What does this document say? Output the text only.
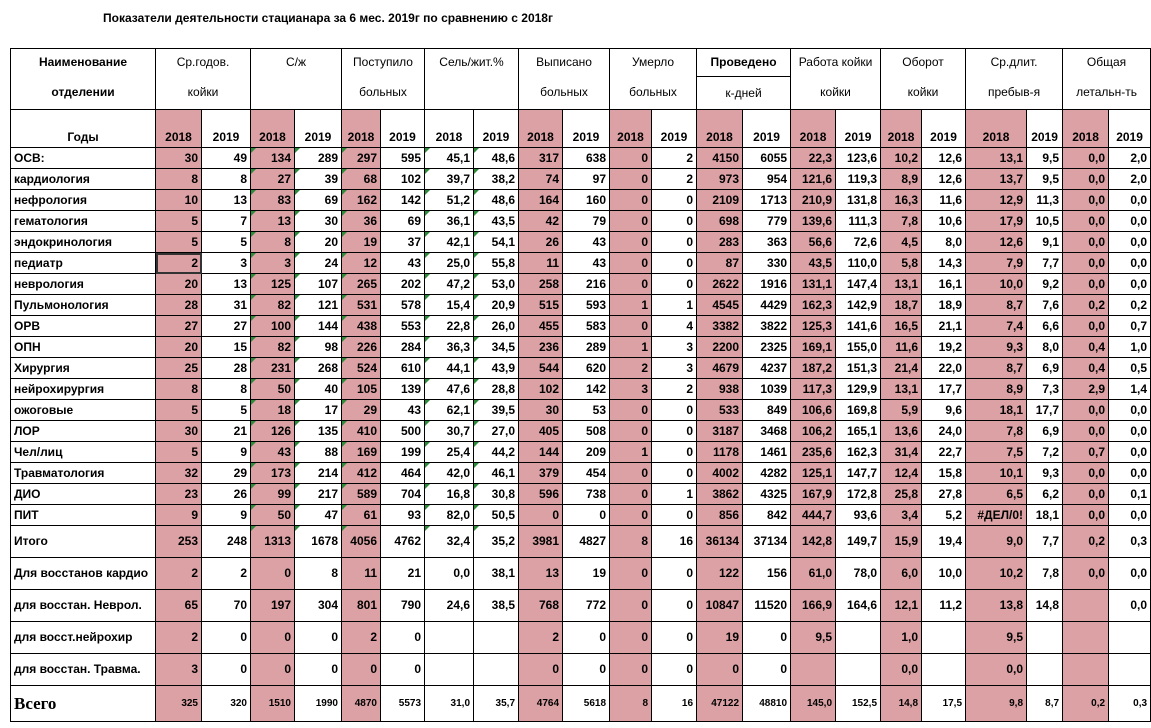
Показатели деятельности стацианара за 6 мес. 2019г по сравнению с 2018г
Наименование	Ср.годов.		С/ж		Поступило		Сель/жит.%		Выписано		Умерло		Проведено		Работа койки		Оборот		Ср.длит.		Общая	
отделении	койки				больных				больных		больных		к-дней		койки		койки		пребыв-я		летальн-ть	
Годы	2018	2019	2018	2019	2018	2019	2018	2019	2018	2019	2018	2019	2018	2019	2018	2019	2018	2019	2018	2019	2018	2019
ОСВ:	30	49	134	289	297	595	45,1	48,6	317	638	0	2	4150	6055	22,3	123,6	10,2	12,6	13,1	9,5	0,0	2,0
кардиология	8	8	27	39	68	102	39,7	38,2	74	97	0	2	973	954	121,6	119,3	8,9	12,6	13,7	9,5	0,0	2,0
нефрология	10	13	83	69	162	142	51,2	48,6	164	160	0	0	2109	1713	210,9	131,8	16,3	11,6	12,9	11,3	0,0	0,0
гематология	5	7	13	30	36	69	36,1	43,5	42	79	0	0	698	779	139,6	111,3	7,8	10,6	17,9	10,5	0,0	0,0
эндокринология	5	5	8	20	19	37	42,1	54,1	26	43	0	0	283	363	56,6	72,6	4,5	8,0	12,6	9,1	0,0	0,0
педиатр	2	3	3	24	12	43	25,0	55,8	11	43	0	0	87	330	43,5	110,0	5,8	14,3	7,9	7,7	0,0	0,0
неврология	20	13	125	107	265	202	47,2	53,0	258	216	0	0	2622	1916	131,1	147,4	13,1	16,1	10,0	9,2	0,0	0,0
Пульмонология	28	31	82	121	531	578	15,4	20,9	515	593	1	1	4545	4429	162,3	142,9	18,7	18,9	8,7	7,6	0,2	0,2
ОРВ	27	27	100	144	438	553	22,8	26,0	455	583	0	4	3382	3822	125,3	141,6	16,5	21,1	7,4	6,6	0,0	0,7
ОПН	20	15	82	98	226	284	36,3	34,5	236	289	1	3	2200	2325	169,1	155,0	11,6	19,2	9,3	8,0	0,4	1,0
Хирургия	25	28	231	268	524	610	44,1	43,9	544	620	2	3	4679	4237	187,2	151,3	21,4	22,0	8,7	6,9	0,4	0,5
нейрохирургия	8	8	50	40	105	139	47,6	28,8	102	142	3	2	938	1039	117,3	129,9	13,1	17,7	8,9	7,3	2,9	1,4
ожоговые	5	5	18	17	29	43	62,1	39,5	30	53	0	0	533	849	106,6	169,8	5,9	9,6	18,1	17,7	0,0	0,0
ЛОР	30	21	126	135	410	500	30,7	27,0	405	508	0	0	3187	3468	106,2	165,1	13,6	24,0	7,8	6,9	0,0	0,0
Чел/лиц	5	9	43	88	169	199	25,4	44,2	144	209	1	0	1178	1461	235,6	162,3	31,4	22,7	7,5	7,2	0,7	0,0
Травматология	32	29	173	214	412	464	42,0	46,1	379	454	0	0	4002	4282	125,1	147,7	12,4	15,8	10,1	9,3	0,0	0,0
ДИО	23	26	99	217	589	704	16,8	30,8	596	738	0	1	3862	4325	167,9	172,8	25,8	27,8	6,5	6,2	0,0	0,1
ПИТ	9	9	50	47	61	93	82,0	50,5	0	0	0	0	856	842	444,7	93,6	3,4	5,2	#ДЕЛ/0!	18,1	0,0	0,0
Итого	253	248	1313	1678	4056	4762	32,4	35,2	3981	4827	8	16	36134	37134	142,8	149,7	15,9	19,4	9,0	7,7	0,2	0,3
Для восстанов кардио	2	2	0	8	11	21	0,0	38,1	13	19	0	0	122	156	61,0	78,0	6,0	10,0	10,2	7,8	0,0	0,0
для восстан. Неврол.	65	70	197	304	801	790	24,6	38,5	768	772	0	0	10847	11520	166,9	164,6	12,1	11,2	13,8	14,8		0,0
для восст.нейрохир	2	0	0	0	2	0			2	0	0	0	19	0	9,5		1,0		9,5			
для восстан. Травма.	3	0	0	0	0	0			0	0	0	0	0	0			0,0		0,0			
Всего	325	320	1510	1990	4870	5573	31,0	35,7	4764	5618	8	16	47122	48810	145,0	152,5	14,8	17,5	9,8	8,7	0,2	0,3
